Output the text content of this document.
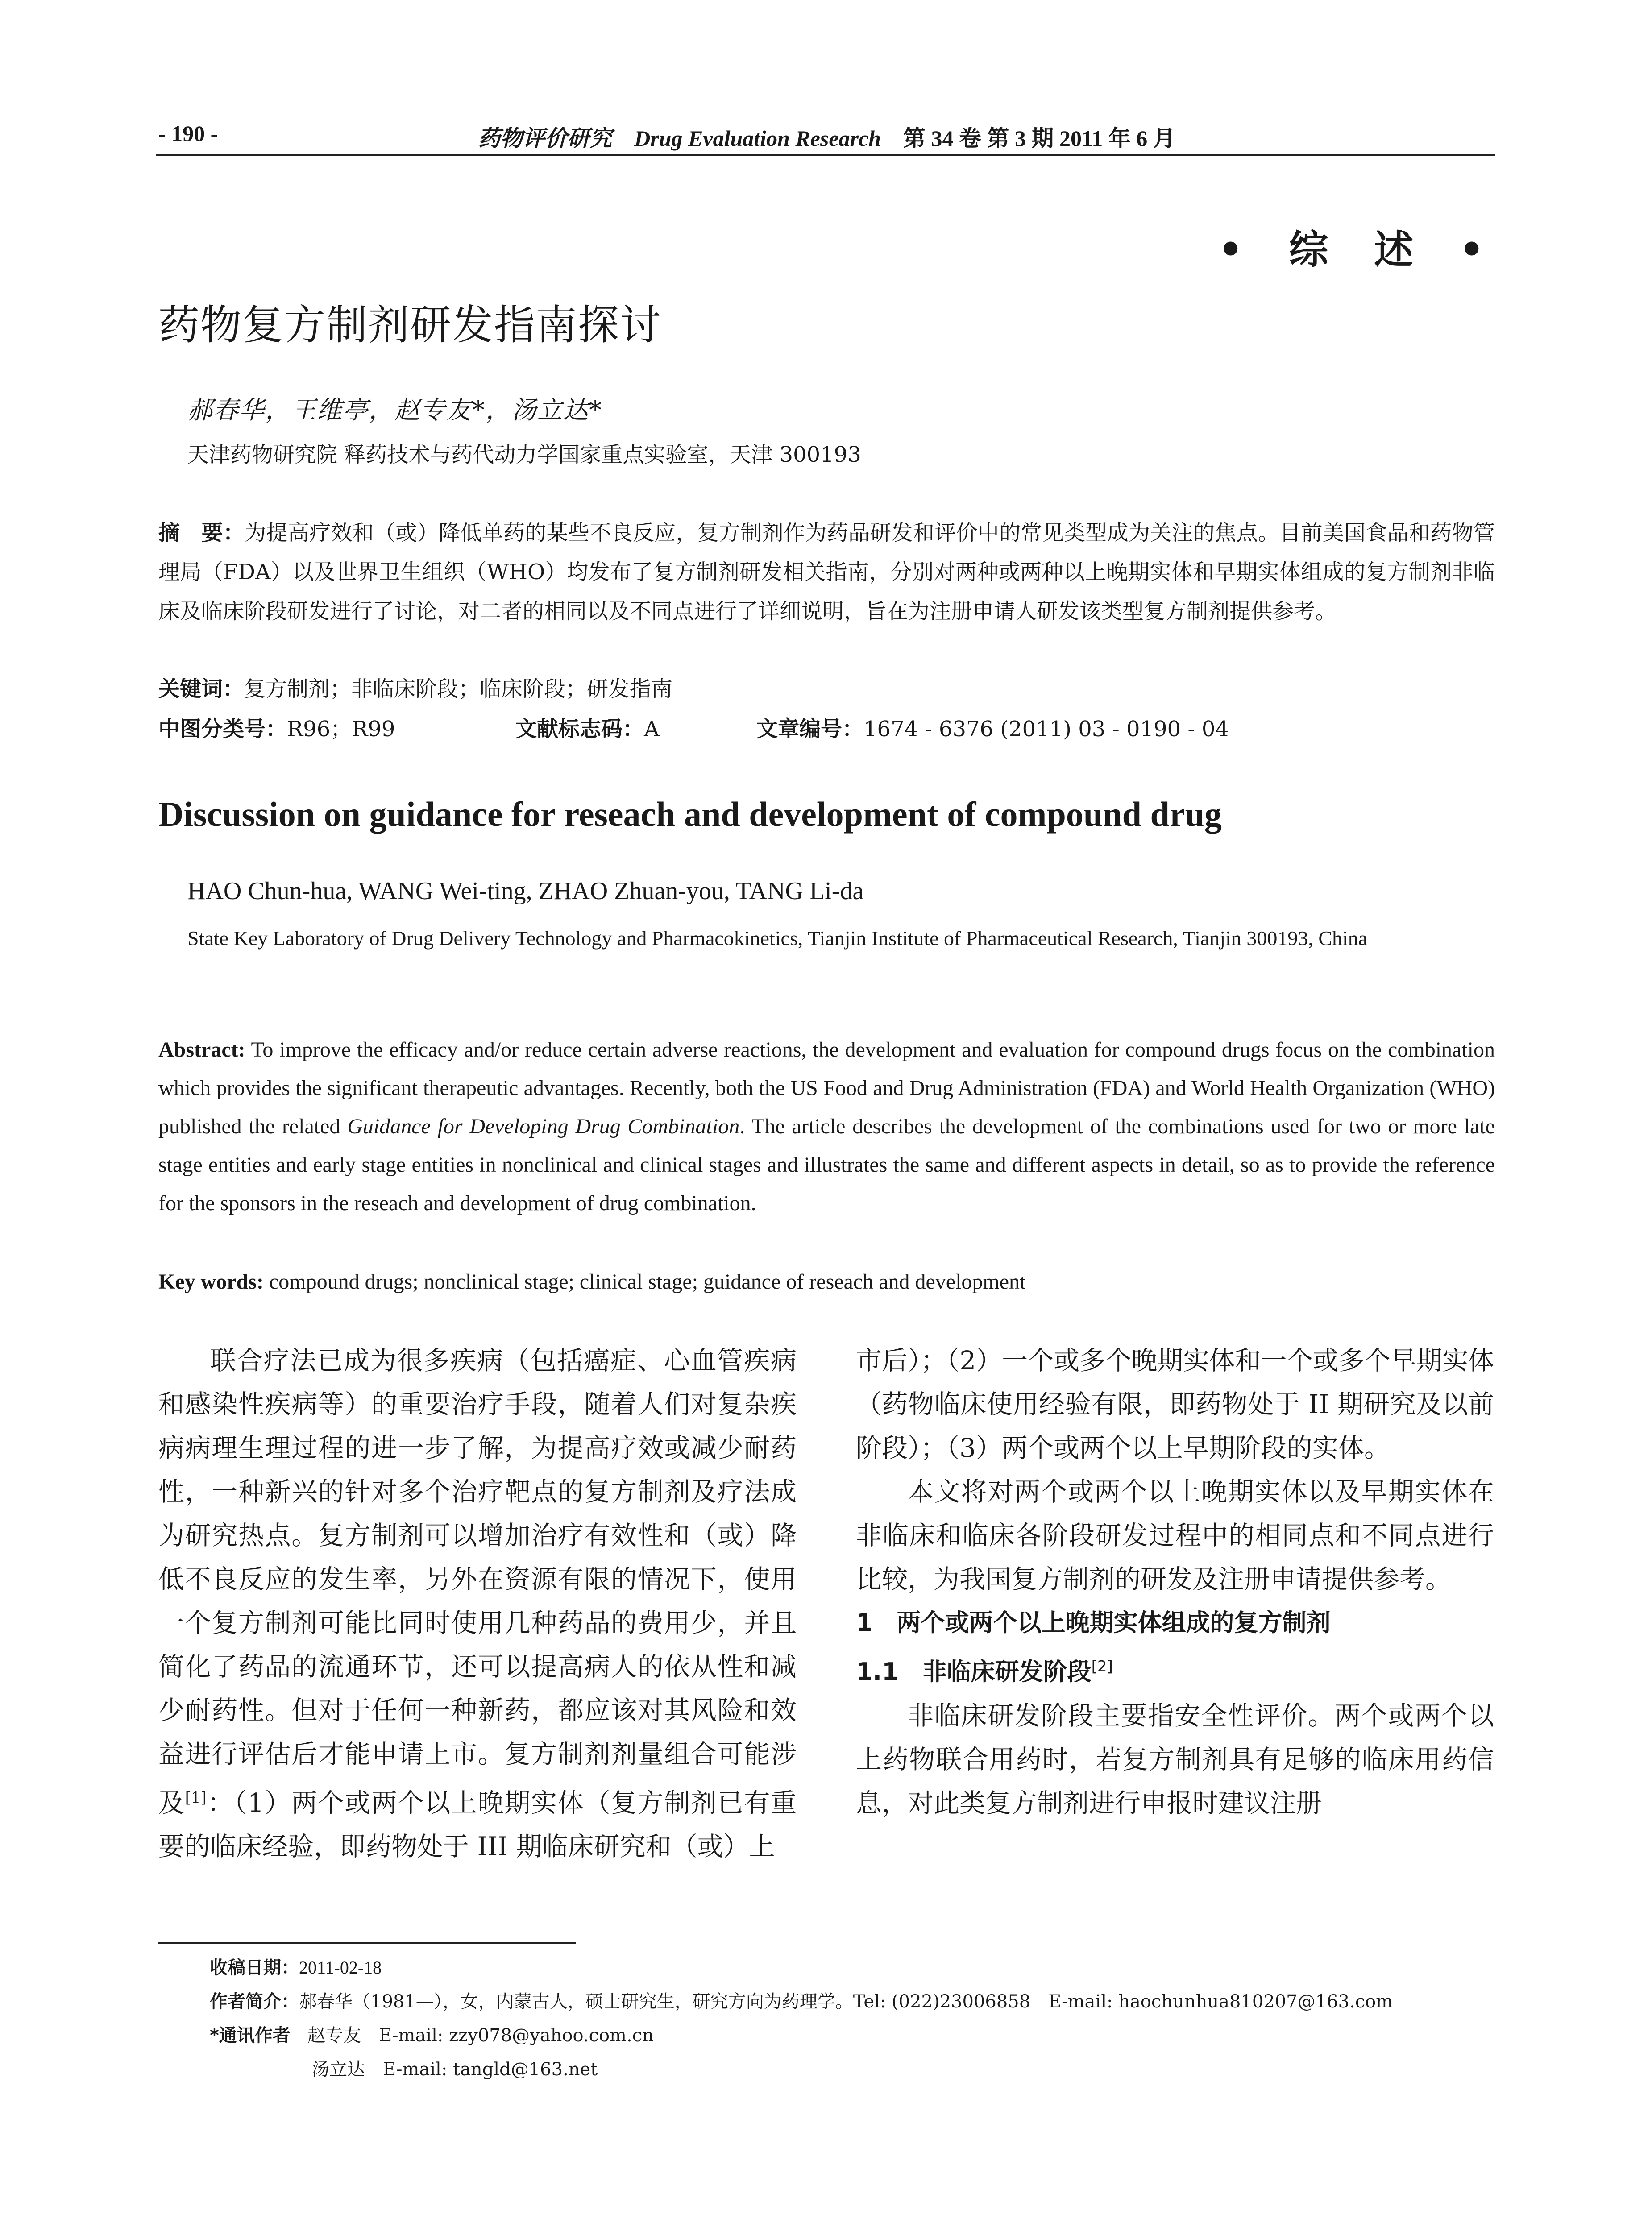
- 190 -	药物评价研究 Drug Evaluation Research 第 34 卷 第 3 期 2011 年 6 月
• 综 述 •
药物复方制剂研发指南探讨
郝春华，王维亭，赵专友*，汤立达*
天津药物研究院 释药技术与药代动力学国家重点实验室，天津 300193
摘　要：为提高疗效和（或）降低单药的某些不良反应，复方制剂作为药品研发和评价中的常见类型成为关注的焦点。目前美国食品和药物管理局（FDA）以及世界卫生组织（WHO）均发布了复方制剂研发相关指南，分别对两种或两种以上晚期实体和早期实体组成的复方制剂非临床及临床阶段研发进行了讨论，对二者的相同以及不同点进行了详细说明，旨在为注册申请人研发该类型复方制剂提供参考。
关键词：复方制剂；非临床阶段；临床阶段；研发指南
中图分类号：R96；R99	文献标志码：A	文章编号：1674 - 6376 (2011) 03 - 0190 - 04
Discussion on guidance for reseach and development of compound drug
HAO Chun-hua, WANG Wei-ting, ZHAO Zhuan-you, TANG Li-da
State Key Laboratory of Drug Delivery Technology and Pharmacokinetics, Tianjin Institute of Pharmaceutical Research, Tianjin 300193, China
Abstract: To improve the efficacy and/or reduce certain adverse reactions, the development and evaluation for compound drugs focus on the combination which provides the significant therapeutic advantages. Recently, both the US Food and Drug Administration (FDA) and World Health Organization (WHO) published the related Guidance for Developing Drug Combination. The article describes the development of the combinations used for two or more late stage entities and early stage entities in nonclinical and clinical stages and illustrates the same and different aspects in detail, so as to provide the reference for the sponsors in the reseach and development of drug combination.
Key words: compound drugs; nonclinical stage; clinical stage; guidance of reseach and development

联合疗法已成为很多疾病（包括癌症、心血管疾病和感染性疾病等）的重要治疗手段，随着人们对复杂疾病病理生理过程的进一步了解，为提高疗效或减少耐药性，一种新兴的针对多个治疗靶点的复方制剂及疗法成为研究热点。复方制剂可以增加治疗有效性和（或）降低不良反应的发生率，另外在资源有限的情况下，使用一个复方制剂可能比同时使用几种药品的费用少，并且简化了药品的流通环节，还可以提高病人的依从性和减少耐药性。但对于任何一种新药，都应该对其风险和效益进行评估后才能申请上市。复方制剂剂量组合可能涉及[1]：（1）两个或两个以上晚期实体（复方制剂已有重要的临床经验，即药物处于 III 期临床研究和（或）上

市后）；（2）一个或多个晚期实体和一个或多个早期实体（药物临床使用经验有限，即药物处于 II 期研究及以前阶段）；（3）两个或两个以上早期阶段的实体。

本文将对两个或两个以上晚期实体以及早期实体在非临床和临床各阶段研发过程中的相同点和不同点进行比较，为我国复方制剂的研发及注册申请提供参考。

1　两个或两个以上晚期实体组成的复方制剂

1.1　非临床研发阶段[2]

非临床研发阶段主要指安全性评价。两个或两个以上药物联合用药时，若复方制剂具有足够的临床用药信息，对此类复方制剂进行申报时建议注册

收稿日期：2011-02-18
作者简介：郝春华（1981—），女，内蒙古人，硕士研究生，研究方向为药理学。Tel: (022)23006858　E-mail: haochunhua810207@163.com
*通讯作者 赵专友　E-mail: zzy078@yahoo.com.cn
汤立达　E-mail: tangld@163.net
